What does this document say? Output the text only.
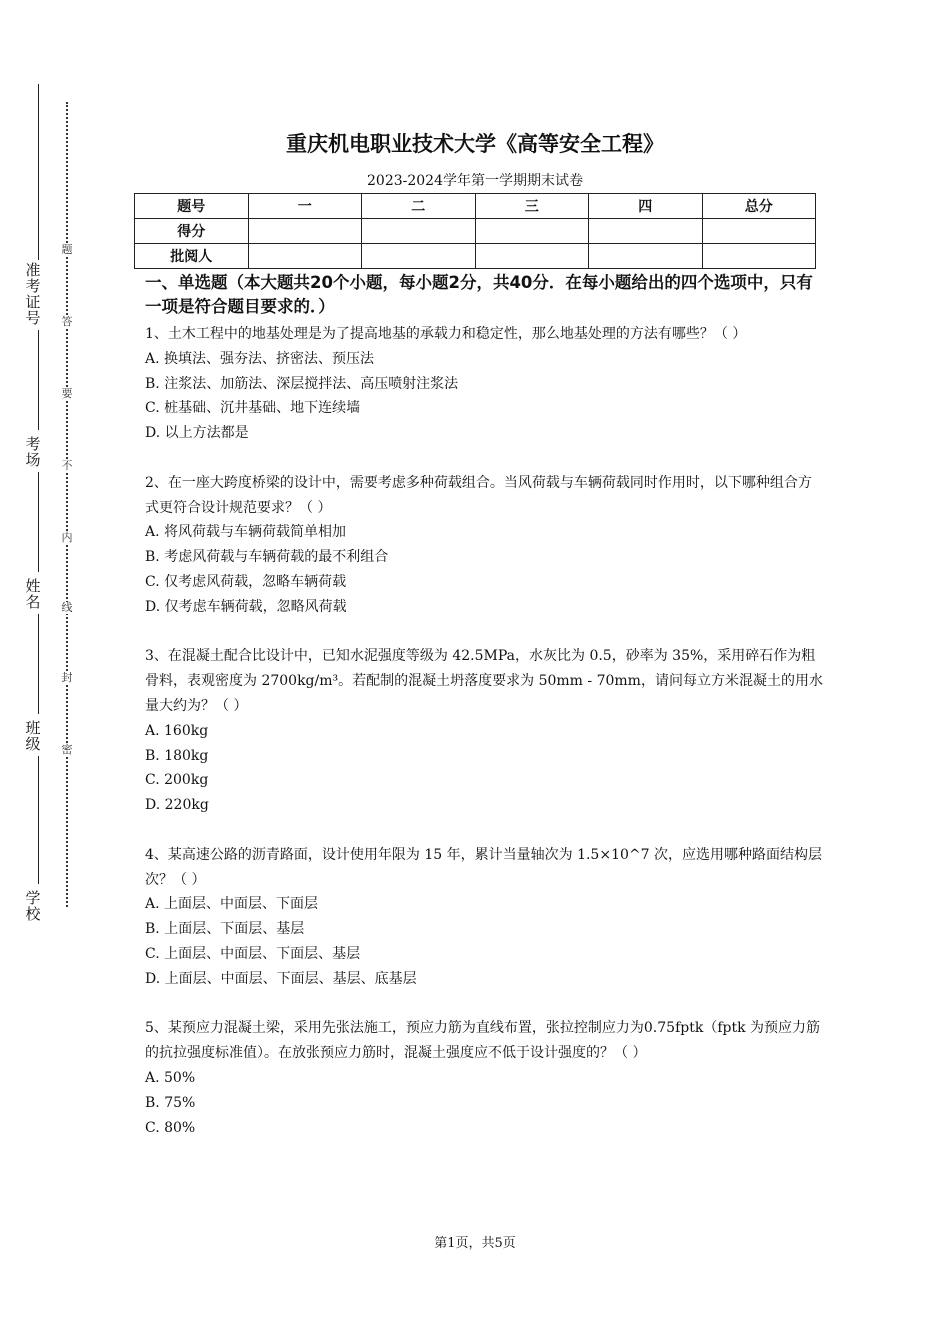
准
考
证
号
考
场
姓
名
班
级
学
校
题
答
要
不
内
线
封
密
重庆机电职业技术大学《高等安全工程》
2023-2024学年第一学期期末试卷
题号	一	二	三	四	总分
得分					
批阅人					
一、单选题（本大题共20个小题，每小题2分，共40分．在每小题给出的四个选项中，只有一项是符合题目要求的．）

1、土木工程中的地基处理是为了提高地基的承载力和稳定性，那么地基处理的方法有哪些？（ ）

A. 换填法、强夯法、挤密法、预压法

B. 注浆法、加筋法、深层搅拌法、高压喷射注浆法

C. 桩基础、沉井基础、地下连续墙

D. 以上方法都是

2、在一座大跨度桥梁的设计中，需要考虑多种荷载组合。当风荷载与车辆荷载同时作用时，以下哪种组合方式更符合设计规范要求？（ ）

A. 将风荷载与车辆荷载简单相加

B. 考虑风荷载与车辆荷载的最不利组合

C. 仅考虑风荷载，忽略车辆荷载

D. 仅考虑车辆荷载，忽略风荷载

3、在混凝土配合比设计中，已知水泥强度等级为 42.5MPa，水灰比为 0.5，砂率为 35%，采用碎石作为粗骨料，表观密度为 2700kg/m³。若配制的混凝土坍落度要求为 50mm - 70mm，请问每立方米混凝土的用水量大约为？（ ）

A. 160kg

B. 180kg

C. 200kg

D. 220kg

4、某高速公路的沥青路面，设计使用年限为 15 年，累计当量轴次为 1.5×10^7 次，应选用哪种路面结构层次？（ ）

A. 上面层、中面层、下面层

B. 上面层、下面层、基层

C. 上面层、中面层、下面层、基层

D. 上面层、中面层、下面层、基层、底基层

5、某预应力混凝土梁，采用先张法施工，预应力筋为直线布置，张拉控制应力为0.75fptk（fptk 为预应力筋的抗拉强度标准值）。在放张预应力筋时，混凝土强度应不低于设计强度的？（ ）

A. 50%

B. 75%

C. 80%

第1页，共5页
